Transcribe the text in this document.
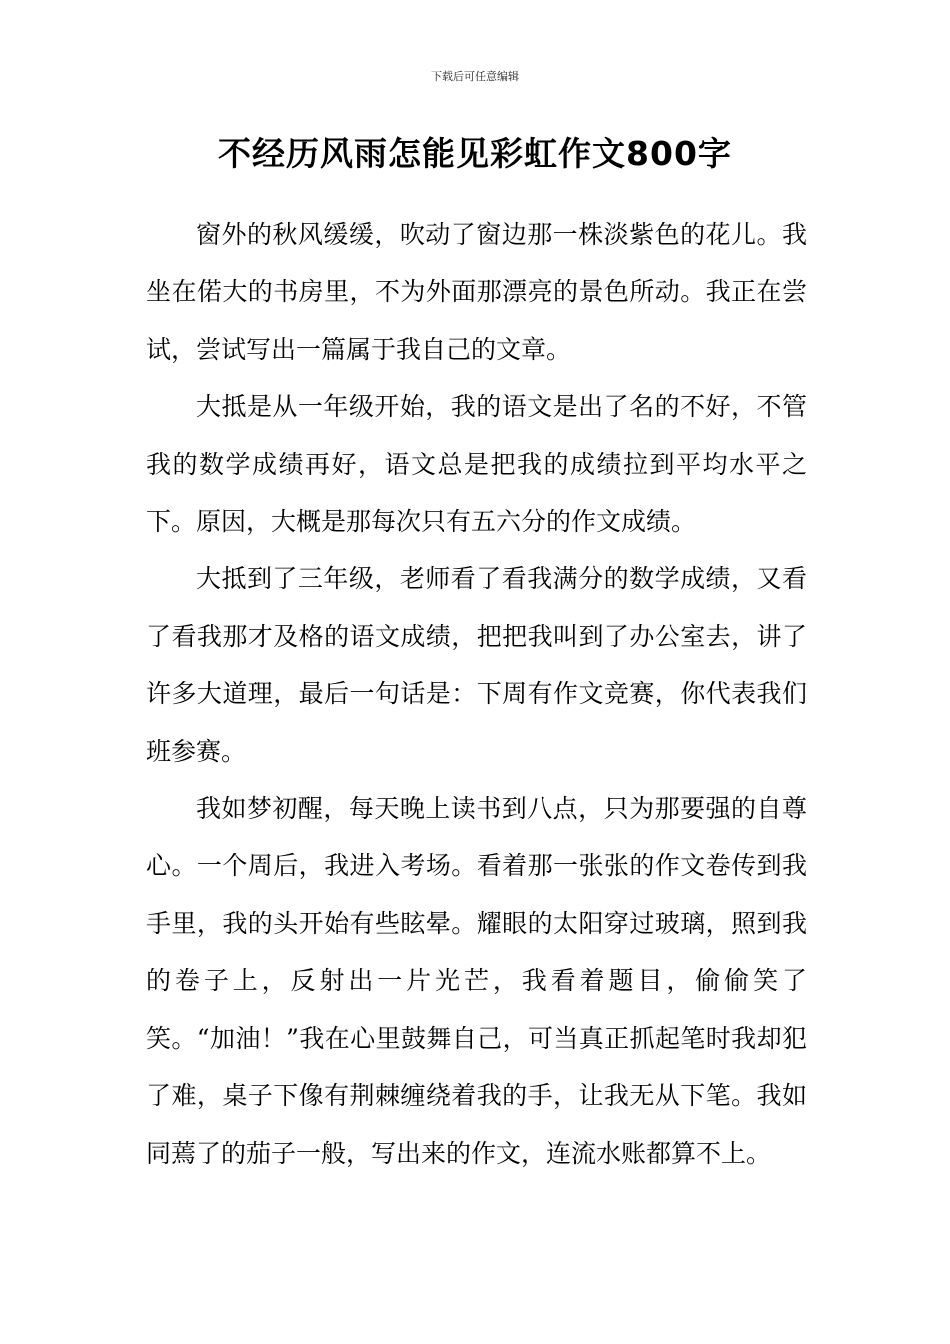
下载后可任意编辑
不经历风雨怎能见彩虹作文800字

窗外的秋风缓缓，吹动了窗边那一株淡紫色的花儿。我坐在偌大的书房里，不为外面那漂亮的景色所动。我正在尝试，尝试写出一篇属于我自己的文章。

大抵是从一年级开始，我的语文是出了名的不好，不管我的数学成绩再好，语文总是把我的成绩拉到平均水平之下。原因，大概是那每次只有五六分的作文成绩。

大抵到了三年级，老师看了看我满分的数学成绩，又看了看我那才及格的语文成绩，把把我叫到了办公室去，讲了许多大道理，最后一句话是：下周有作文竞赛，你代表我们班参赛。

我如梦初醒，每天晚上读书到八点，只为那要强的自尊心。一个周后，我进入考场。看着那一张张的作文卷传到我手里，我的头开始有些眩晕。耀眼的太阳穿过玻璃，照到我的卷子上，反射出一片光芒，我看着题目，偷偷笑了笑。“加油！”我在心里鼓舞自己，可当真正抓起笔时我却犯了难，桌子下像有荆棘缠绕着我的手，让我无从下笔。我如同蔫了的茄子一般，写出来的作文，连流水账都算不上。
